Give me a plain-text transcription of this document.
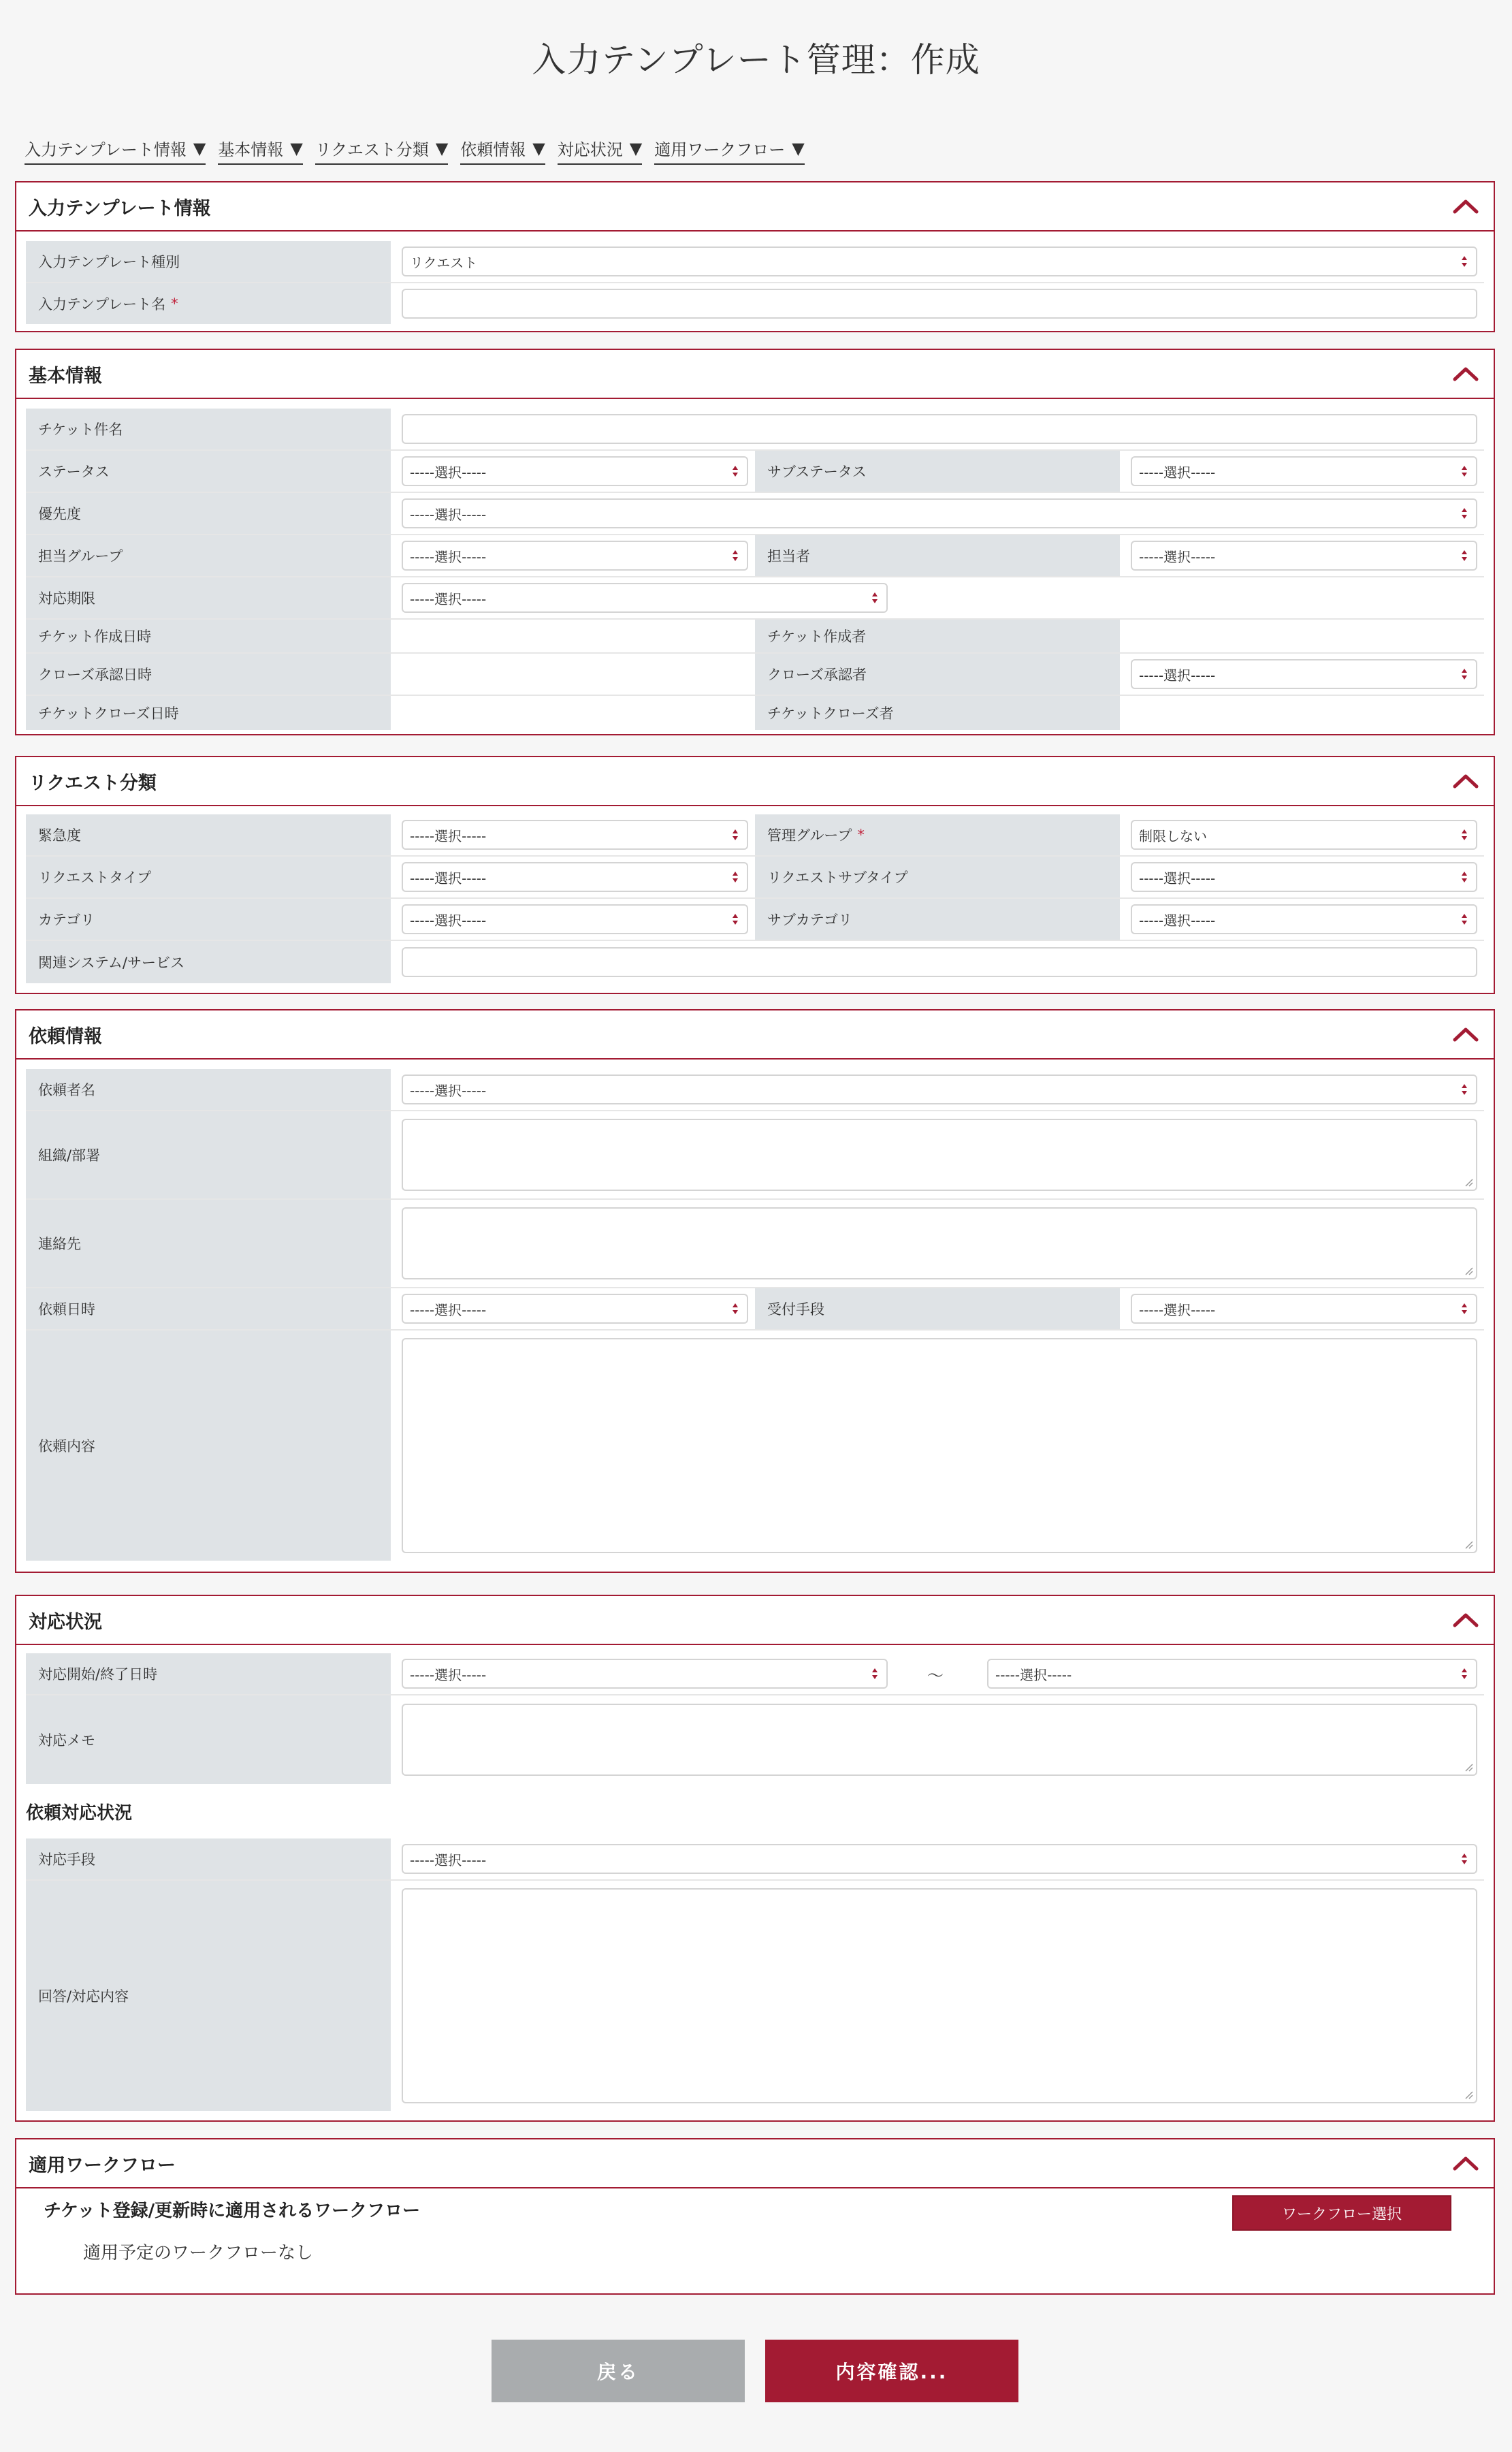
入力テンプレート管理：作成
入力テンプレート情報 ▼ 基本情報 ▼ リクエスト分類 ▼ 依頼情報 ▼ 対応状況 ▼ 適用ワークフロー ▼
入力テンプレート情報
入力テンプレート種別	リクエスト
入力テンプレート名 *
基本情報
チケット件名
ステータス	-----選択-----	サブステータス	-----選択-----
優先度	-----選択-----
担当グループ	-----選択-----	担当者	-----選択-----
対応期限	-----選択-----
チケット作成日時	チケット作成者
クローズ承認日時	クローズ承認者	-----選択-----
チケットクローズ日時	チケットクローズ者
リクエスト分類
緊急度	-----選択-----	管理グループ *	制限しない
リクエストタイプ	-----選択-----	リクエストサブタイプ	-----選択-----
カテゴリ	-----選択-----	サブカテゴリ	-----選択-----
関連システム/サービス
依頼情報
依頼者名	-----選択-----
組織/部署
連絡先
依頼日時	-----選択-----	受付手段	-----選択-----
依頼内容
対応状況
対応開始/終了日時	-----選択-----	～	-----選択-----
対応メモ
依頼対応状況
対応手段	-----選択-----
回答/対応内容
適用ワークフロー
チケット登録/更新時に適用されるワークフロー	ワークフロー選択
適用予定のワークフローなし
戻る	内容確認...
